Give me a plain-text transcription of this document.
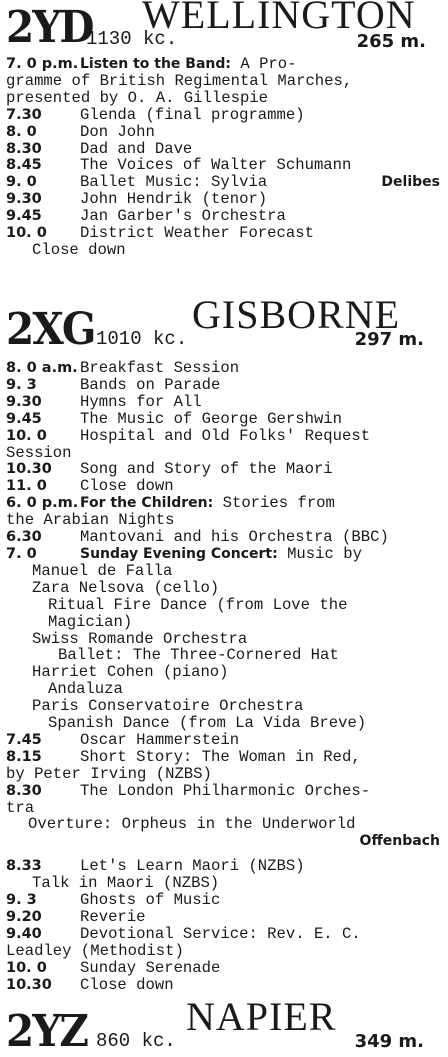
2YD
1130 kc.
WELLINGTON
265 m.
7. 0 p.m. Listen to the Band: A Pro-
gramme of British Regimental Marches,
presented by O. A. Gillespie
7.30 Glenda (final programme)
8. 0	Don John
8.30 Dad and Dave
8.45 The Voices of Walter Schumann
9. 0	Ballet Music: Sylvia	Delibes
9.30 John Hendrik (tenor)
9.45 Jan Garber's Orchestra
10. 0 District Weather Forecast
Close down
2XG 1010 kc.
GISBORNE
297 m.
8. 0 a.m. Breakfast Session
9. 3	Bands on Parade
9.30 Hymns for All
9.45 The Music of George Gershwin
10. 0 Hospital and Old Folks' Request
Session
10.30 Song and Story of the Maori
11. 0 Close down
6. 0 p.m. For the Children: Stories from
the Arabian Nights
6.30 Mantovani and his Orchestra (BBC)
7. 0	Sunday Evening Concert: Music by
Manuel de Falla
Zara Nelsova (cello)
Ritual Fire Dance (from Love the
Magician)
Swiss Romande Orchestra
Ballet: The Three-Cornered Hat
Harriet Cohen (piano)
Andaluza
Paris Conservatoire Orchestra
Spanish Dance (from La Vida Breve)
7.45 Oscar Hammerstein
8.15 Short Story: The Woman in Red,
by Peter Irving (NZBS)
8.30 The London Philharmonic Orches-
tra
Overture: Orpheus in the Underworld
Offenbach

8.33 Let's Learn Maori (NZBS)
Talk in Maori (NZBS)
9. 3	Ghosts of Music
9.20 Reverie
9.40 Devotional Service: Rev. E. C.
Leadley (Methodist)
10. 0 Sunday Serenade
10.30 Close down
2YZ 860 kc.
NAPIER
349 m.
